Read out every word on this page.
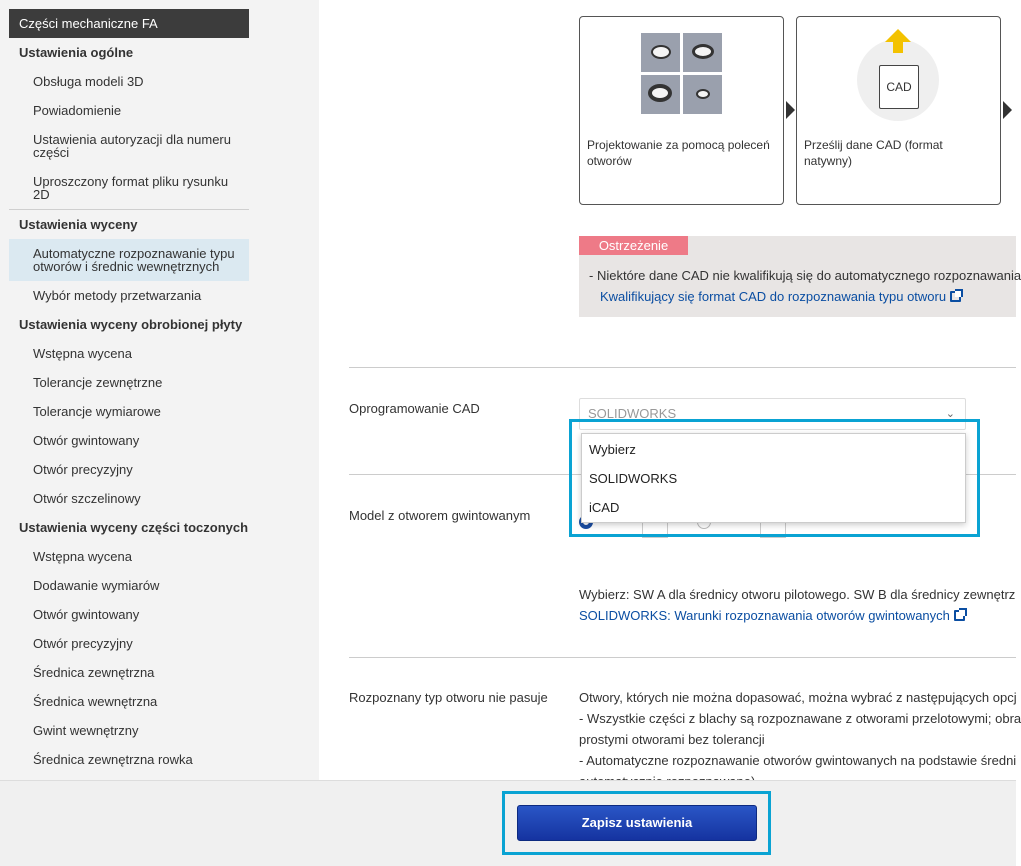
Części mechaniczne FA
Ustawienia ogólne
Obsługa modeli 3D
Powiadomienie
Ustawienia autoryzacji dla numeru części
Uproszczony format pliku rysunku 2D
Ustawienia wyceny
Automatyczne rozpoznawanie typu otworów i średnic wewnętrznych
Wybór metody przetwarzania
Ustawienia wyceny obrobionej płyty
Wstępna wycena
Tolerancje zewnętrzne
Tolerancje wymiarowe
Otwór gwintowany
Otwór precyzyjny
Otwór szczelinowy
Ustawienia wyceny części toczonych
Wstępna wycena
Dodawanie wymiarów
Otwór gwintowany
Otwór precyzyjny
Średnica zewnętrzna
Średnica wewnętrzna
Gwint wewnętrzny
Średnica zewnętrzna rowka
Projektowanie za pomocą poleceń otworów
CAD
Prześlij dane CAD (format natywny)
Ostrzeżenie
- Niektóre dane CAD nie kwalifikują się do automatycznego rozpoznawania
Kwalifikujący się format CAD do rozpoznawania typu otworu
Oprogramowanie CAD	SOLIDWORKS	⌄
Model z otworem gwintowanym
Wybierz: SW A dla średnicy otworu pilotowego. SW B dla średnicy zewnętrz
SOLIDWORKS: Warunki rozpoznawania otworów gwintowanych
Rozpoznany typ otworu nie pasuje Otwory, których nie można dopasować, można wybrać z następujących opcj
- Wszystkie części z blachy są rozpoznawane z otworami przelotowymi; obra
prostymi otworami bez tolerancji
- Automatyczne rozpoznawanie otworów gwintowanych na podstawie średni
Wybierz
SOLIDWORKS
iCAD
Zapisz ustawienia
